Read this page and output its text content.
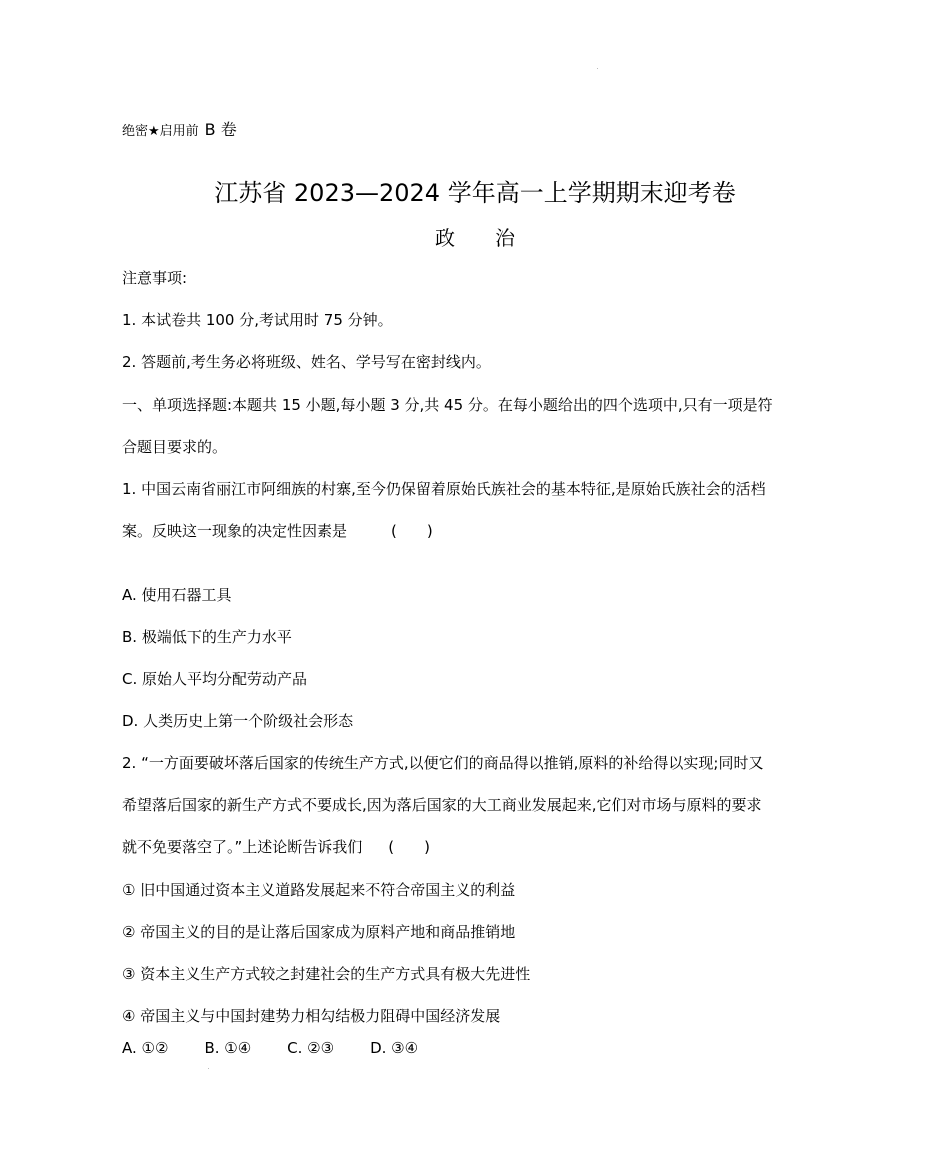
绝密★启用前 B 卷
江苏省 2023—2024 学年高一上学期期末迎考卷
政 治
注意事项:
1. 本试卷共 100 分,考试用时 75 分钟。
2. 答题前,考生务必将班级、姓名、学号写在密封线内。
一、单项选择题:本题共 15 小题,每小题 3 分,共 45 分。在每小题给出的四个选项中,只有一项是符
合题目要求的。
1. 中国云南省丽江市阿细族的村寨,至今仍保留着原始氏族社会的基本特征,是原始氏族社会的活档
案。反映这一现象的决定性因素是	(　　)
A. 使用石器工具
B. 极端低下的生产力水平
C. 原始人平均分配劳动产品
D. 人类历史上第一个阶级社会形态
2. “一方面要破坏落后国家的传统生产方式,以便它们的商品得以推销,原料的补给得以实现;同时又
希望落后国家的新生产方式不要成长,因为落后国家的大工商业发展起来,它们对市场与原料的要求
就不免要落空了。”上述论断告诉我们 (　　)
① 旧中国通过资本主义道路发展起来不符合帝国主义的利益
② 帝国主义的目的是让落后国家成为原料产地和商品推销地
③ 资本主义生产方式较之封建社会的生产方式具有极大先进性
④ 帝国主义与中国封建势力相勾结极力阻碍中国经济发展
A. ①② B. ①④ C. ②③ D. ③④
